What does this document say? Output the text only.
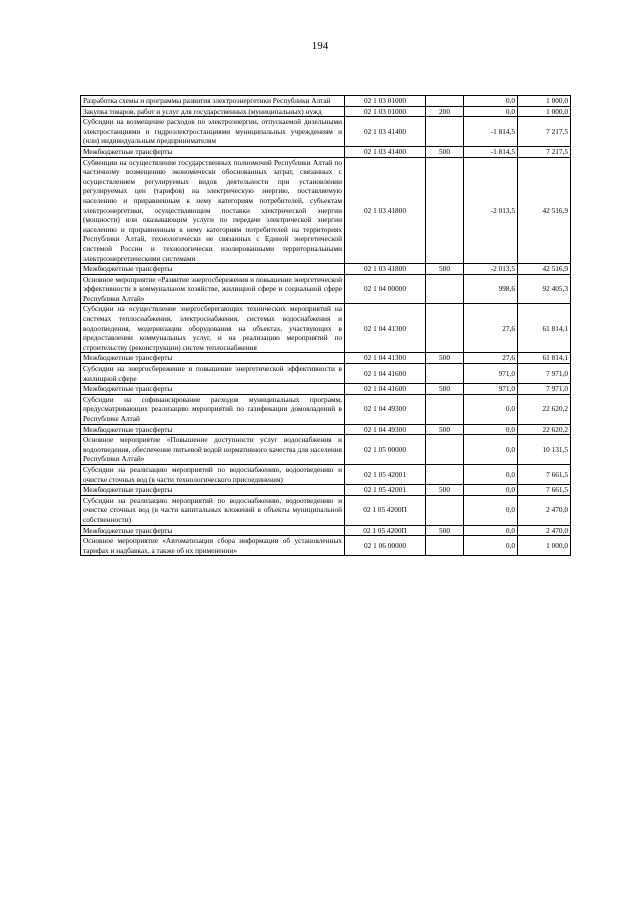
194
Разработка схемы и программы развития электроэнергетики Республики Алтай	02 1 03 01000		0,0	1 000,0
Закупка товаров, работ и услуг для государственных (муниципальных) нужд	02 1 03 01000	200	0,0	1 000,0
Субсидии на возмещение расходов по электроэнергии, отпускаемой дизельными электростанциями и гидроэлектростанциями муниципальных учреждениям и (или) индивидуальным предпринимателям	02 1 03 41400		-1 814,5	7 217,5
Межбюджетные трансферты	02 1 03 41400	500	-1 814,5	7 217,5
Субвенции на осуществление государственных полномочий Республики Алтай по частичному возмещению экономически обоснованных затрат, связанных с осуществлением регулируемых видов деятельности при установлении регулируемых цен (тарифов) на электрическую энергию, поставляемую населению и приравненным к нему категориям потребителей, субъектам электроэнергетики, осуществляющим поставки электрической энергии (мощности) или оказывающим услуги по передаче электрической энергии населению и приравненным к нему категориям потребителей на территориях Республики Алтай, технологически не связанных с Единой энергетической системой России и технологически изолированными территориальными электроэнергетическими системами	02 1 03 41800		-2 013,5	42 516,9
Межбюджетные трансферты	02 1 03 41800	500	-2 013,5	42 516,9
Основное мероприятие «Развитие энергосбережения и повышение энергетической эффективности в коммунальном хозяйстве, жилищной сфере и социальной сфере Республики Алтай»	02 1 04 00000		998,6	92 405,3
Субсидии на осуществление энергосберегающих технических мероприятий на системах теплоснабжения, электроснабжения, системах водоснабжения и водоотведения, модернизации оборудования на объектах, участвующих в предоставлении коммунальных услуг, и на реализацию мероприятий по строительству (реконструкции) систем теплоснабжения	02 1 04 41300		27,6	61 814,1
Межбюджетные трансферты	02 1 04 41300	500	27,6	61 814,1
Субсидии на энергосбережение и повышение энергетической эффективности в жилищной сфере	02 1 04 41600		971,0	7 971,0
Межбюджетные трансферты	02 1 04 41600	500	971,0	7 971,0
Субсидии на софинансирование расходов муниципальных программ, предусматривающих реализацию мероприятий по газификации домовладений в Республике Алтай	02 1 04 49300		0,0	22 620,2
Межбюджетные трансферты	02 1 04 49300	500	0,0	22 620,2
Основное мероприятие «Повышение доступности услуг водоснабжения и водоотведения, обеспечение питьевой водой нормативного качества для населения Республики Алтай»	02 1 05 00000		0,0	10 131,5
Субсидии на реализацию мероприятий по водоснабжению, водоотведению и очистке сточных вод (в части технологического присоединения)	02 1 05 42001		0,0	7 661,5
Межбюджетные трансферты	02 1 05 42001	500	0,0	7 661,5
Субсидии на реализацию мероприятий по водоснабжению, водоотведению и очистке сточных вод (в части капитальных вложений в объекты муниципальной собственности)	02 1 05 4200П		0,0	2 470,0
Межбюджетные трансферты	02 1 05 4200П	500	0,0	2 470,0
Основное мероприятие «Автоматизация сбора информации об установленных тарифах и надбавках, а также об их применении»	02 1 06 00000		0,0	1 000,0
